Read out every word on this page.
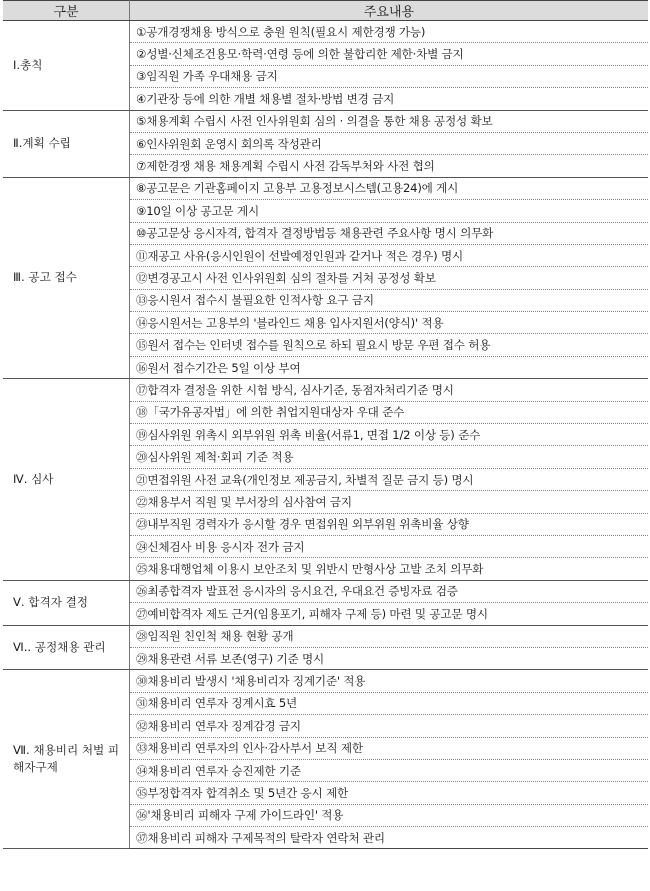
구분	주요내용
Ⅰ.총칙	①공개경쟁채용 방식으로 충원 원칙(필요시 제한경쟁 가능)
	②성별·신체조건용모·학력·연령 등에 의한 불합리한 제한·차별 금지
	③임직원 가족 우대채용 금지
	④기관장 등에 의한 개별 채용별 절차·방법 변경 금지
Ⅱ.계획 수립	⑤채용계획 수립시 사전 인사위원회 심의 · 의결을 통한 채용 공정성 확보
	⑥인사위원회 운영시 회의록 작성관리
	⑦제한경쟁 채용 채용계획 수립시 사전 감독부처와 사전 협의
Ⅲ. 공고 접수	⑧공고문은 기관홈페이지 고용부 고용정보시스템(고용24)에 게시
	⑨10일 이상 공고문 게시
	⑩공고문상 응시자격, 합격자 결정방법등 채용관련 주요사항 명시 의무화
	⑪재공고 사유(응시인원이 선발예정인원과 같거나 적은 경우) 명시
	⑫변경공고시 사전 인사위원회 심의 절차를 거쳐 공정성 확보
	⑬응시원서 접수시 불필요한 인적사항 요구 금지
	⑭응시원서는 고용부의 '블라인드 채용 입사지원서(양식)' 적용
	⑮원서 접수는 인터넷 접수를 원칙으로 하되 필요시 방문 우편 접수 허용
	⑯원서 접수기간은 5일 이상 부여
Ⅳ. 심사	⑰합격자 결정을 위한 시험 방식, 심사기준, 동점자처리기준 명시
	⑱「국가유공자법」에 의한 취업지원대상자 우대 준수
	⑲심사위원 위촉시 외부위원 위촉 비율(서류1, 면접 1/2 이상 등) 준수
	⑳심사위원 제척·회피 기준 적용
	㉑면접위원 사전 교육(개인정보 제공금지, 차별적 질문 금지 등) 명시
	㉒채용부서 직원 및 부서장의 심사참여 금지
	㉓내부직원 경력자가 응시할 경우 면접위원 외부위원 위촉비율 상향
	㉔신체검사 비용 응시자 전가 금지
	㉕채용대행업체 이용시 보안조치 및 위반시 만형사상 고발 조치 의무화
Ⅴ. 합격자 결정	㉖최종합격자 발표전 응시자의 응시요건, 우대요건 증빙자료 검증
	㉗예비합격자 제도 근거(임용포기, 피해자 구제 등) 마련 및 공고문 명시
Ⅵ.. 공정채용 관리	㉘임직원 친인척 채용 현황 공개
	㉙채용관련 서류 보존(영구) 기준 명시
Ⅶ. 채용비리 처벌 피해자구제	㉚채용비리 발생시 '채용비리자 징계기준' 적용
	㉛채용비리 연루자 징계시효 5년
	㉜채용비리 연루자 징계감경 금지
	㉝채용비리 연루자의 인사·감사부서 보직 제한
	㉞채용비리 연루자 승진제한 기준
	㉟부정합격자 합격취소 및 5년간 응시 제한
	㊱'채용비리 피해자 구제 가이드라인' 적용
	㊲채용비리 피해자 구제목적의 탈락자 연락처 관리
